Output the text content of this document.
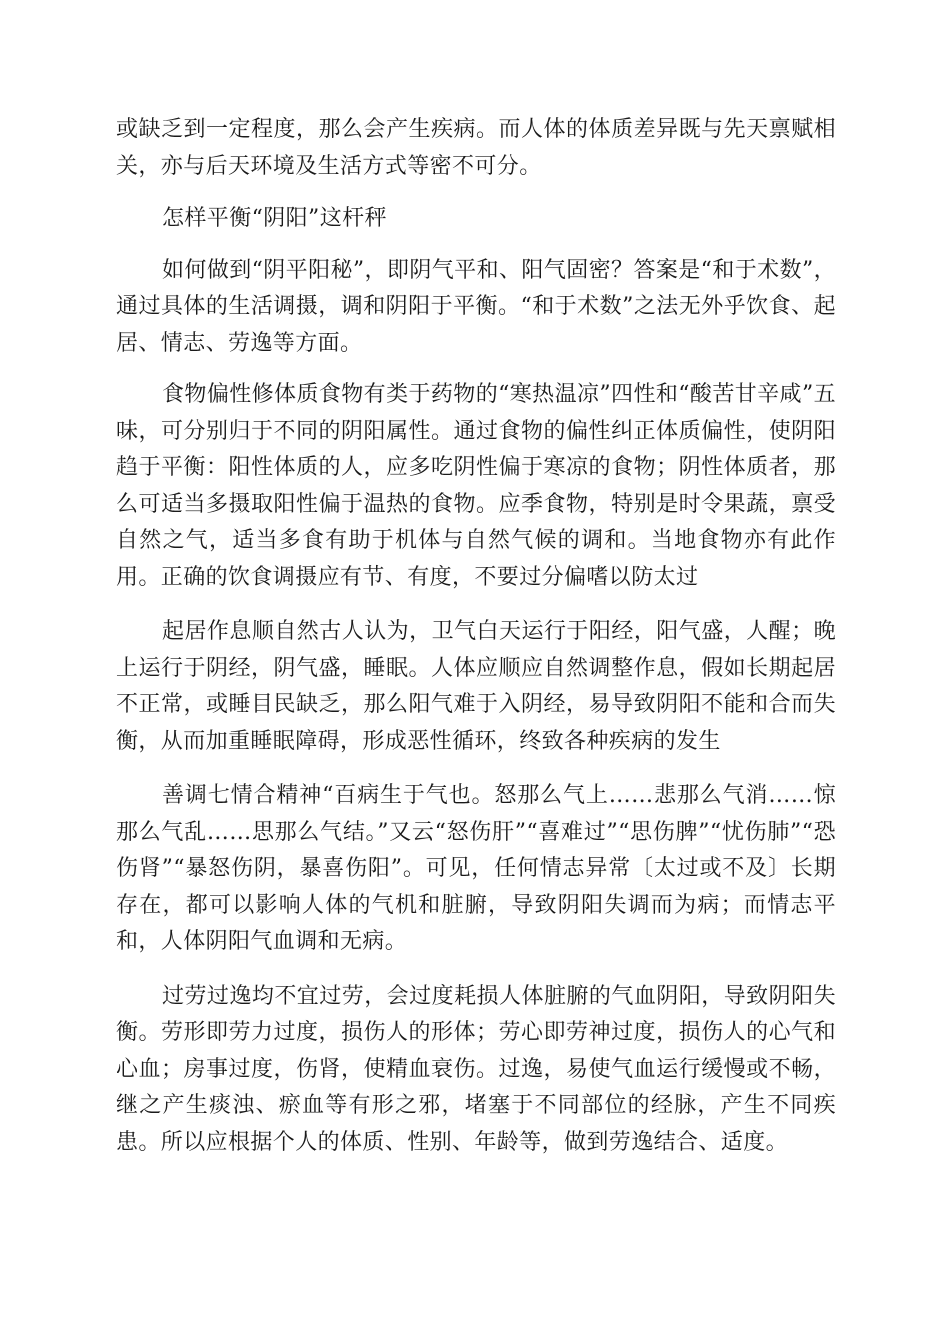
或缺乏到一定程度，那么会产生疾病。而人体的体质差异既与先天禀赋相关，亦与后天环境及生活方式等密不可分。

怎样平衡“阴阳”这杆秤

如何做到“阴平阳秘”，即阴气平和、阳气固密？答案是“和于术数”，通过具体的生活调摄，调和阴阳于平衡。“和于术数”之法无外乎饮食、起居、情志、劳逸等方面。

食物偏性修体质食物有类于药物的“寒热温凉”四性和“酸苦甘辛咸”五味，可分别归于不同的阴阳属性。通过食物的偏性纠正体质偏性，使阴阳趋于平衡：阳性体质的人，应多吃阴性偏于寒凉的食物；阴性体质者，那么可适当多摄取阳性偏于温热的食物。应季食物，特别是时令果蔬，禀受自然之气，适当多食有助于机体与自然气候的调和。当地食物亦有此作用。正确的饮食调摄应有节、有度，不要过分偏嗜以防太过

起居作息顺自然古人认为，卫气白天运行于阳经，阳气盛，人醒；晚上运行于阴经，阴气盛，睡眠。人体应顺应自然调整作息，假如长期起居不正常，或睡目民缺乏，那么阳气难于入阴经，易导致阴阳不能和合而失衡，从而加重睡眠障碍，形成恶性循环，终致各种疾病的发生

善调七情合精神“百病生于气也。怒那么气上……悲那么气消……惊那么气乱……思那么气结。”又云“怒伤肝”“喜难过”“思伤脾”“忧伤肺”“恐伤肾”“暴怒伤阴，暴喜伤阳”。可见，任何情志异常〔太过或不及〕长期存在，都可以影响人体的气机和脏腑，导致阴阳失调而为病；而情志平和，人体阴阳气血调和无病。

过劳过逸均不宜过劳，会过度耗损人体脏腑的气血阴阳，导致阴阳失衡。劳形即劳力过度，损伤人的形体；劳心即劳神过度，损伤人的心气和心血；房事过度，伤肾，使精血衰伤。过逸，易使气血运行缓慢或不畅，继之产生痰浊、瘀血等有形之邪，堵塞于不同部位的经脉，产生不同疾患。所以应根据个人的体质、性别、年龄等，做到劳逸结合、适度。
